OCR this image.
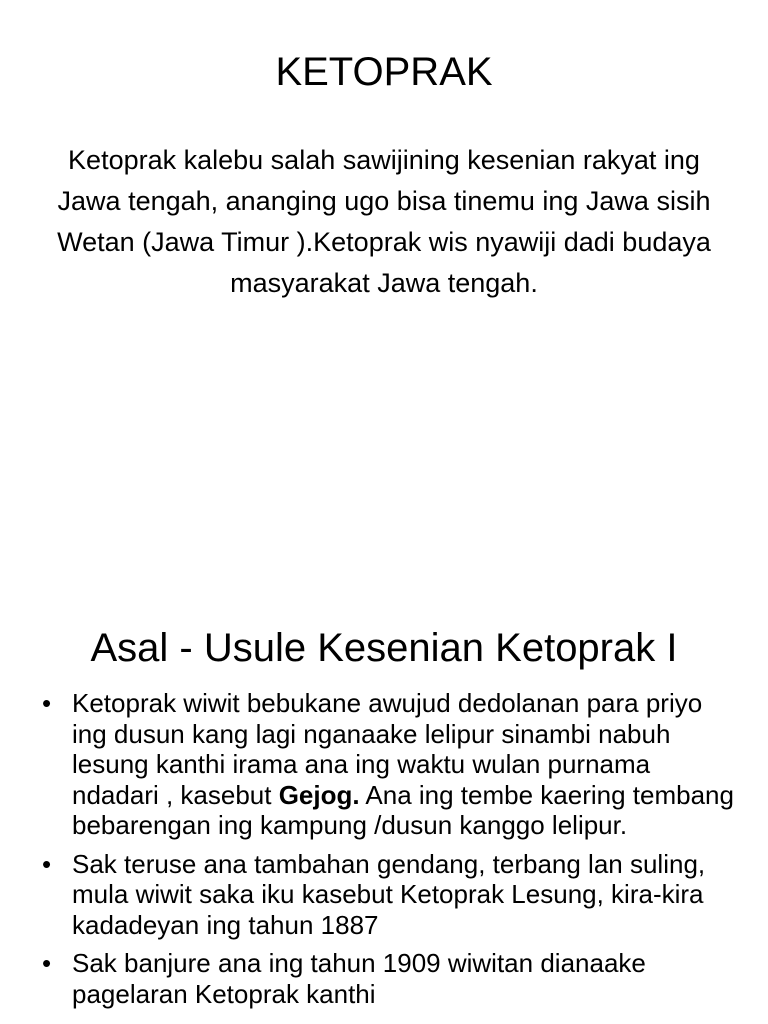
KETOPRAK

Ketoprak kalebu salah sawijining kesenian rakyat ing Jawa tengah, ananging ugo bisa tinemu ing Jawa sisih Wetan (Jawa Timur ).Ketoprak wis nyawiji dadi budaya masyarakat Jawa tengah.

Asal - Usule Kesenian Ketoprak I
• Ketoprak wiwit bebukane awujud dedolanan para priyo ing dusun kang lagi nganaake lelipur sinambi nabuh lesung kanthi irama ana ing waktu wulan purnama ndadari , kasebut Gejog. Ana ing tembe kaering tembang bebarengan ing kampung /dusun kanggo lelipur.
• Sak teruse ana tambahan gendang, terbang lan suling, mula wiwit saka iku kasebut Ketoprak Lesung, kira-kira kadadeyan ing tahun 1887
• Sak banjure ana ing tahun 1909 wiwitan dianaake pagelaran Ketoprak kanthi
